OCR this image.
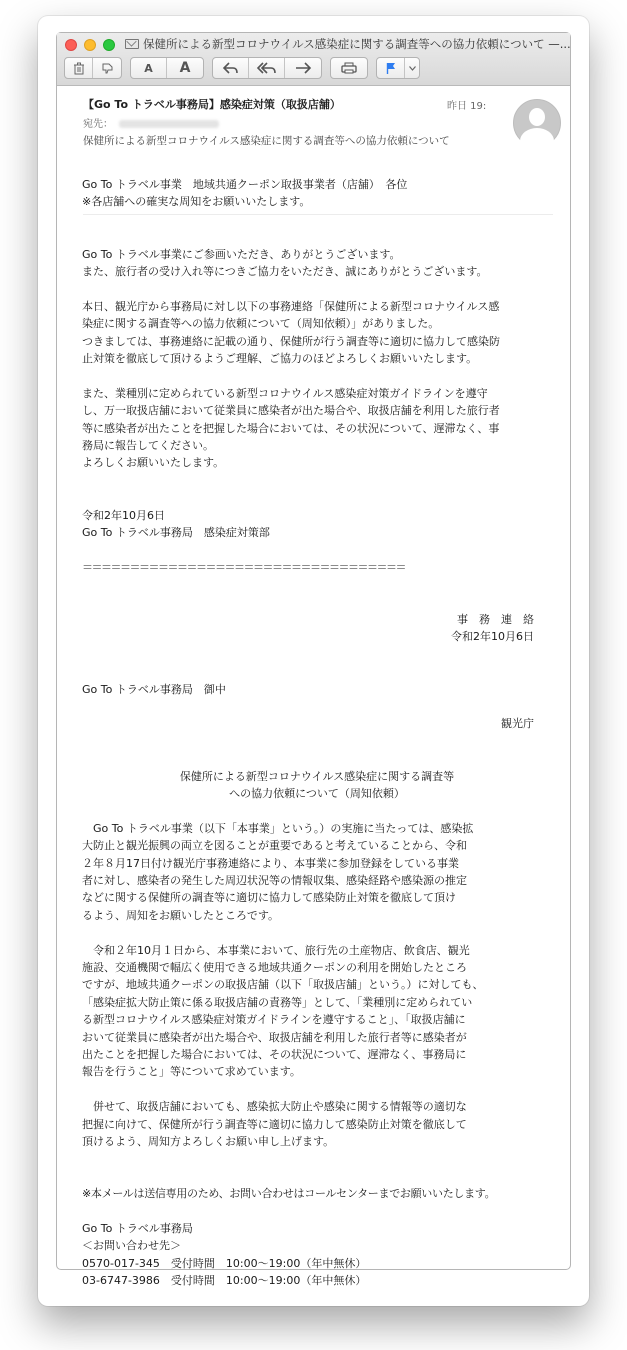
保健所による新型コロナウイルス感染症に関する調査等への協力依頼について —...
A A
【Go To トラベル事務局】感染症対策（取扱店舗）	昨日 19:
宛先：
保健所による新型コロナウイルス感染症に関する調査等への協力依頼について

Go To トラベル事業　地域共通クーポン取扱事業者（店舗）　各位
※各店舗への確実な周知をお願いいたします。

Go To トラベル事業にご参画いただき、ありがとうございます。
また、旅行者の受け入れ等につきご協力をいただき、誠にありがとうございます。

本日、観光庁から事務局に対し以下の事務連絡「保健所による新型コロナウイルス感
染症に関する調査等への協力依頼について（周知依頼）」がありました。
つきましては、事務連絡に記載の通り、保健所が行う調査等に適切に協力して感染防
止対策を徹底して頂けるようご理解、ご協力のほどよろしくお願いいたします。

また、業種別に定められている新型コロナウイルス感染症対策ガイドラインを遵守
し、万一取扱店舗において従業員に感染者が出た場合や、取扱店舗を利用した旅行者
等に感染者が出たことを把握した場合においては、その状況について、遅滞なく、事
務局に報告してください。
よろしくお願いいたします。

令和2年10月6日
Go To トラベル事務局　感染症対策部

＝＝＝＝＝＝＝＝＝＝＝＝＝＝＝＝＝＝＝＝＝＝＝＝＝＝＝＝＝＝＝＝＝＝

事　務　連　絡

令和2年10月6日

Go To トラベル事務局　御中

観光庁

保健所による新型コロナウイルス感染症に関する調査等
への協力依頼について（周知依頼）

　Go To トラベル事業（以下「本事業」という。）の実施に当たっては、感染拡
大防止と観光振興の両立を図ることが重要であると考えていることから、令和
２年８月17日付け観光庁事務連絡により、本事業に参加登録をしている事業
者に対し、感染者の発生した周辺状況等の情報収集、感染経路や感染源の推定
などに関する保健所の調査等に適切に協力して感染防止対策を徹底して頂け
るよう、周知をお願いしたところです。

　令和２年10月１日から、本事業において、旅行先の土産物店、飲食店、観光
施設、交通機関で幅広く使用できる地域共通クーポンの利用を開始したところ
ですが、地域共通クーポンの取扱店舗（以下「取扱店舗」という。）に対しても、
「感染症拡大防止策に係る取扱店舗の責務等」として、「業種別に定められてい
る新型コロナウイルス感染症対策ガイドラインを遵守すること」、「取扱店舗に
おいて従業員に感染者が出た場合や、取扱店舗を利用した旅行者等に感染者が
出たことを把握した場合においては、その状況について、遅滞なく、事務局に
報告を行うこと」等について求めています。

　併せて、取扱店舗においても、感染拡大防止や感染に関する情報等の適切な
把握に向けて、保健所が行う調査等に適切に協力して感染防止対策を徹底して
頂けるよう、周知方よろしくお願い申し上げます。

※本メールは送信専用のため、お問い合わせはコールセンターまでお願いいたします。

Go To トラベル事務局
＜お問い合わせ先＞
0570-017-345　受付時間　10:00〜19:00（年中無休）
03-6747-3986　受付時間　10:00〜19:00（年中無休）
